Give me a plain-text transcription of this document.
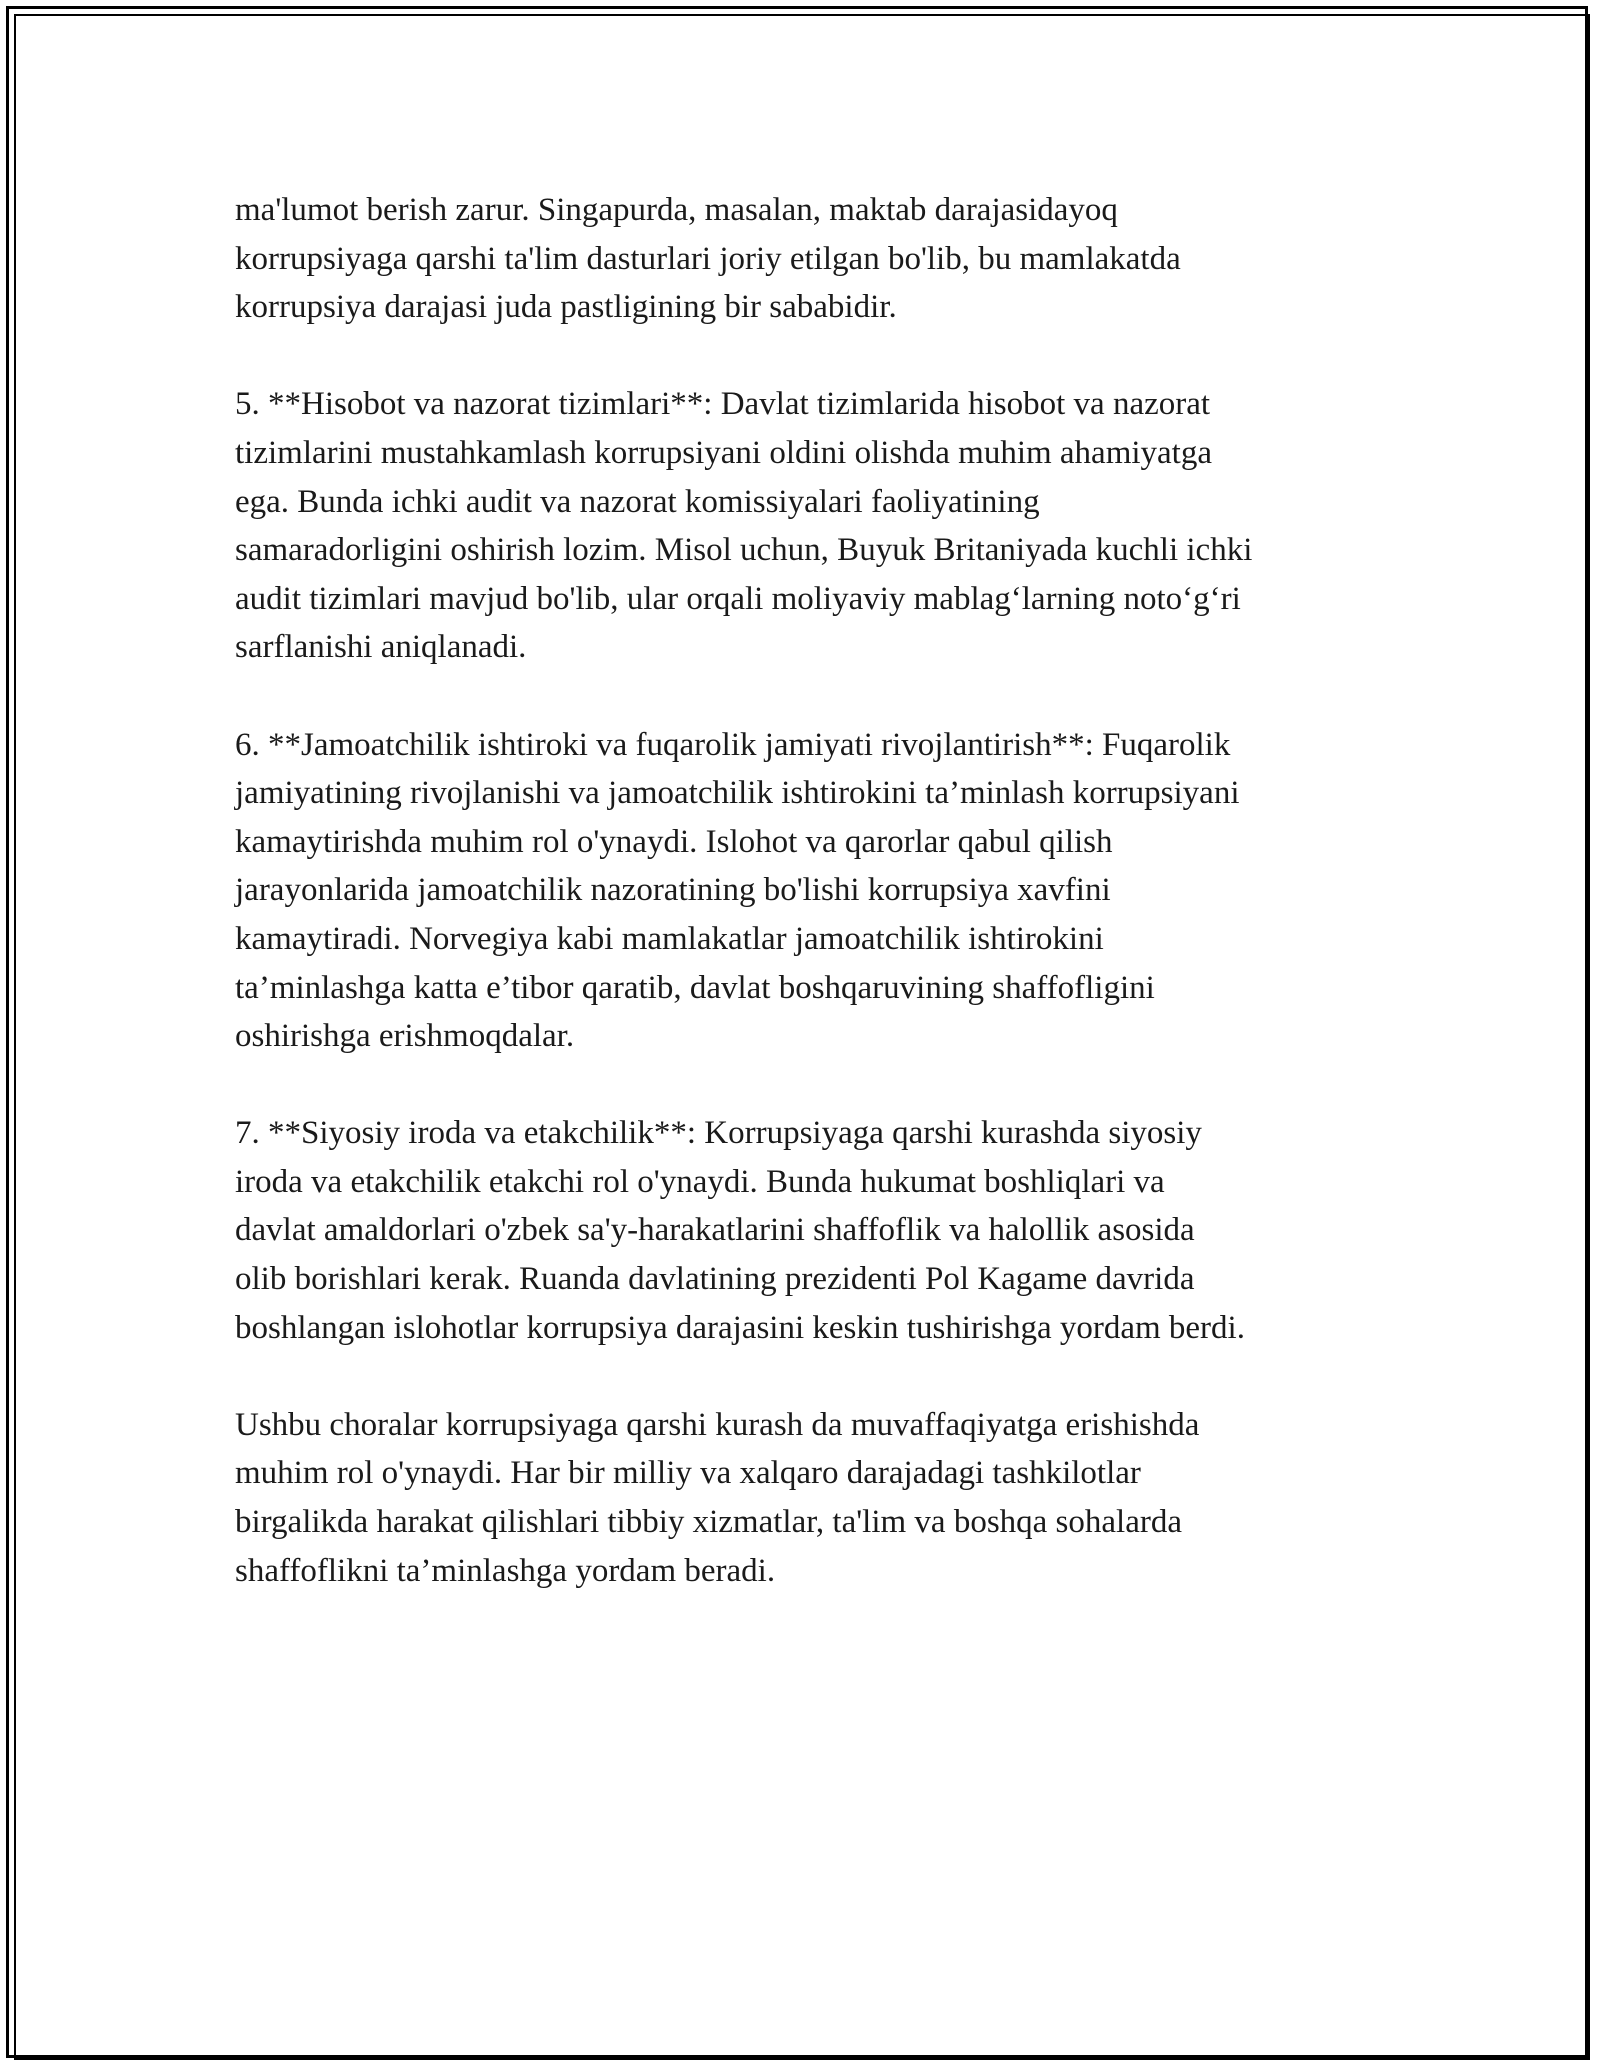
ma'lumot berish zarur. Singapurda, masalan, maktab darajasidayoq
korrupsiyaga qarshi ta'lim dasturlari joriy etilgan bo'lib, bu mamlakatda
korrupsiya darajasi juda pastligining bir sababidir.

5. **Hisobot va nazorat tizimlari**: Davlat tizimlarida hisobot va nazorat
tizimlarini mustahkamlash korrupsiyani oldini olishda muhim ahamiyatga
ega. Bunda ichki audit va nazorat komissiyalari faoliyatining
samaradorligini oshirish lozim. Misol uchun, Buyuk Britaniyada kuchli ichki
audit tizimlari mavjud bo'lib, ular orqali moliyaviy mablag‘larning noto‘g‘ri
sarflanishi aniqlanadi.

6. **Jamoatchilik ishtiroki va fuqarolik jamiyati rivojlantirish**: Fuqarolik
jamiyatining rivojlanishi va jamoatchilik ishtirokini ta’minlash korrupsiyani
kamaytirishda muhim rol o'ynaydi. Islohot va qarorlar qabul qilish
jarayonlarida jamoatchilik nazoratining bo'lishi korrupsiya xavfini
kamaytiradi. Norvegiya kabi mamlakatlar jamoatchilik ishtirokini
ta’minlashga katta e’tibor qaratib, davlat boshqaruvining shaffofligini
oshirishga erishmoqdalar.

7. **Siyosiy iroda va etakchilik**: Korrupsiyaga qarshi kurashda siyosiy
iroda va etakchilik etakchi rol o'ynaydi. Bunda hukumat boshliqlari va
davlat amaldorlari o'zbek sa'y-harakatlarini shaffoflik va halollik asosida
olib borishlari kerak. Ruanda davlatining prezidenti Pol Kagame davrida
boshlangan islohotlar korrupsiya darajasini keskin tushirishga yordam berdi.

Ushbu choralar korrupsiyaga qarshi kurash da muvaffaqiyatga erishishda
muhim rol o'ynaydi. Har bir milliy va xalqaro darajadagi tashkilotlar
birgalikda harakat qilishlari tibbiy xizmatlar, ta'lim va boshqa sohalarda
shaffoflikni ta’minlashga yordam beradi.
